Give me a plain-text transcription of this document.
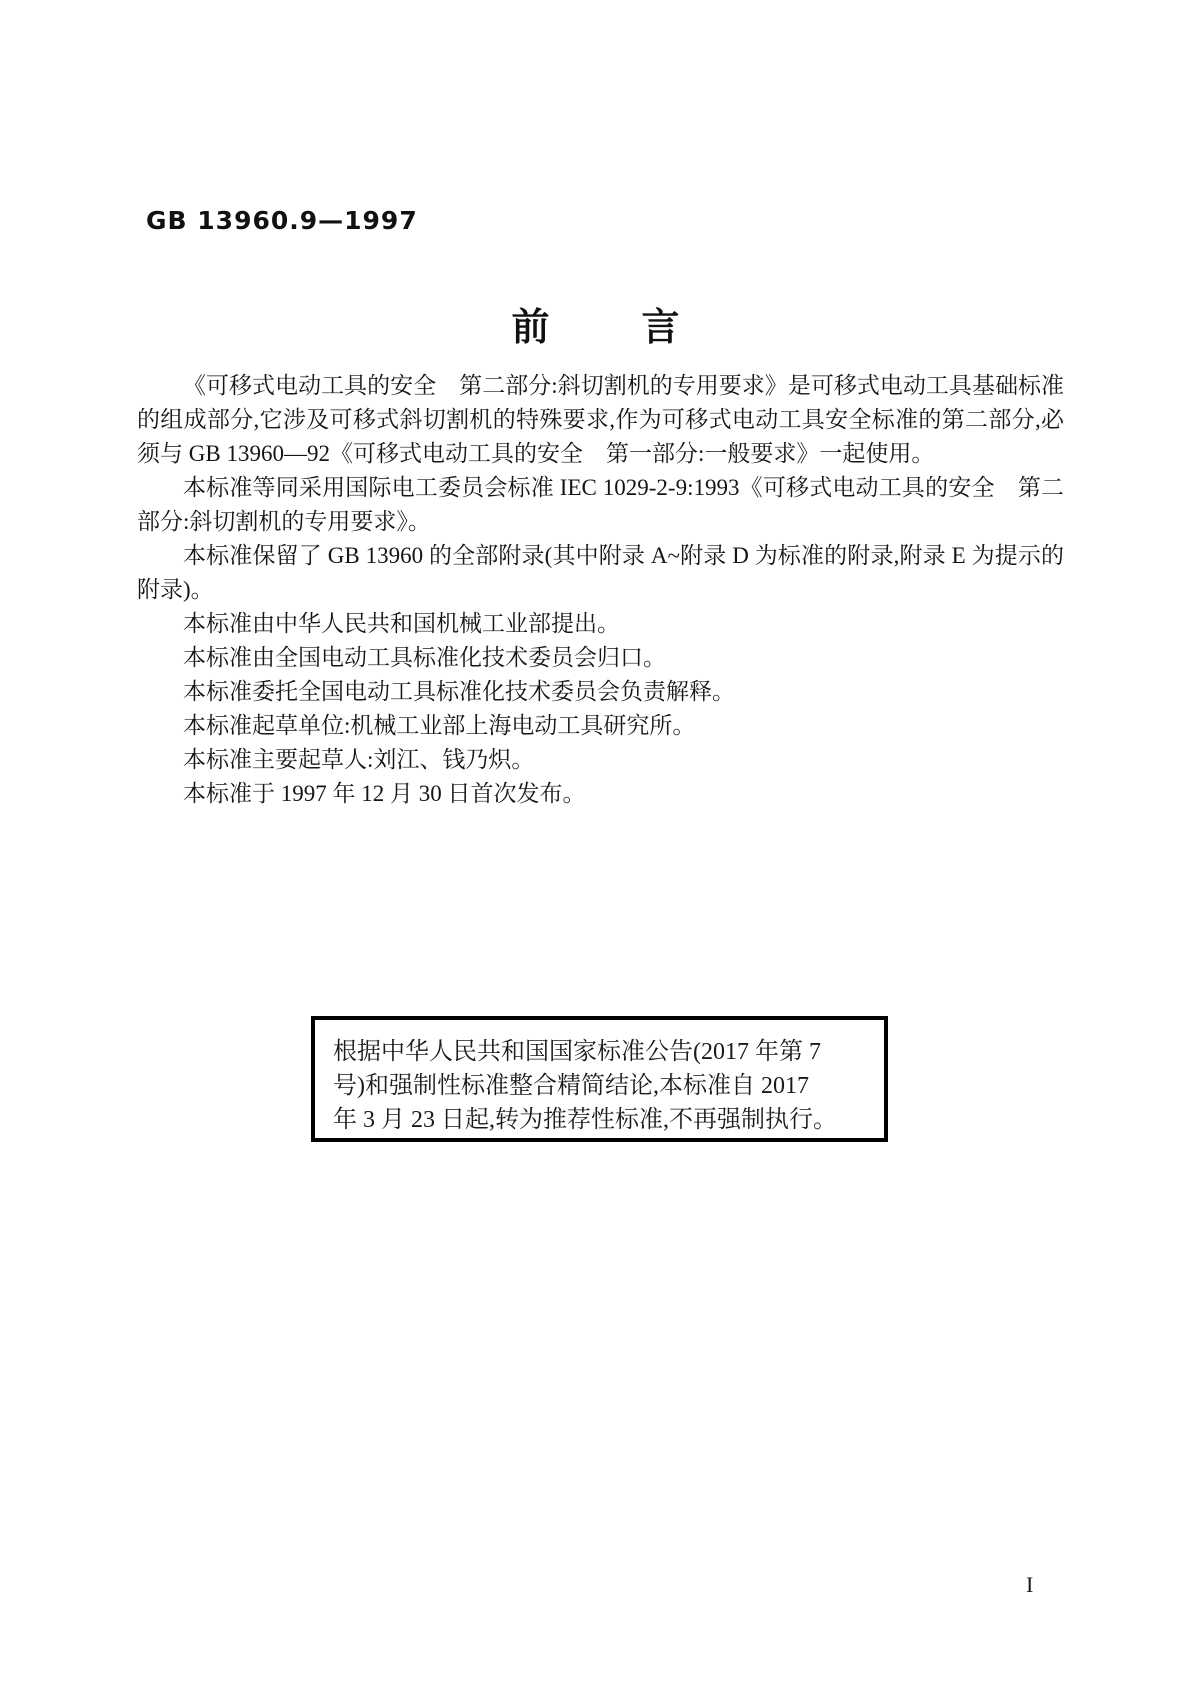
GB 13960.9—1997
前 言

《可移式电动工具的安全　第二部分:斜切割机的专用要求》是可移式电动工具基础标准的组成部分,它涉及可移式斜切割机的特殊要求,作为可移式电动工具安全标准的第二部分,必须与 GB 13960—92《可移式电动工具的安全　第一部分:一般要求》一起使用。

本标准等同采用国际电工委员会标准 IEC 1029-2-9:1993《可移式电动工具的安全　第二部分:斜切割机的专用要求》。

本标准保留了 GB 13960 的全部附录(其中附录 A~附录 D 为标准的附录,附录 E 为提示的附录)。

本标准由中华人民共和国机械工业部提出。

本标准由全国电动工具标准化技术委员会归口。

本标准委托全国电动工具标准化技术委员会负责解释。

本标准起草单位:机械工业部上海电动工具研究所。

本标准主要起草人:刘江、钱乃炽。

本标准于 1997 年 12 月 30 日首次发布。

根据中华人民共和国国家标准公告(2017 年第 7
号)和强制性标准整合精简结论,本标准自 2017
年 3 月 23 日起,转为推荐性标准,不再强制执行。
I
